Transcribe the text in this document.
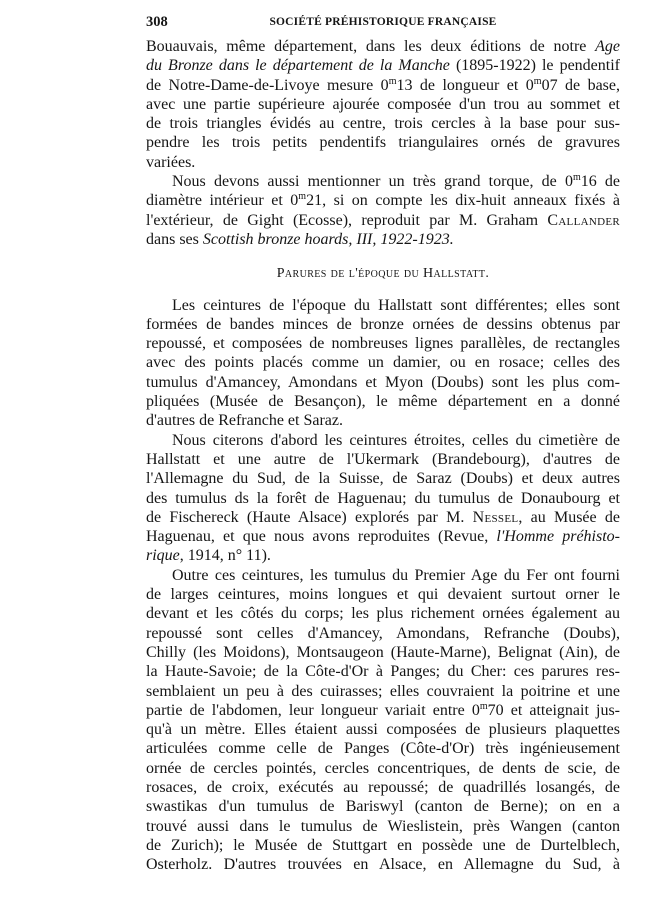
308	SOCIÉTÉ PRÉHISTORIQUE FRANÇAISE
Bouauvais, même département, dans les deux éditions de notre Age
du Bronze dans le département de la Manche (1895-1922) le pendentif
de Notre-Dame-de-Livoye mesure 0$^m$13 de longueur et 0$^m$07 de base,
avec une partie supérieure ajourée composée d'un trou au sommet et
de trois triangles évidés au centre, trois cercles à la base pour sus-
pendre les trois petits pendentifs triangulaires ornés de gravures
variées.
Nous devons aussi mentionner un très grand torque, de 0$^m$16 de
diamètre intérieur et 0$^m$21, si on compte les dix-huit anneaux fixés à
l'extérieur, de Gight (Ecosse), reproduit par M. Graham Callander
dans ses Scottish bronze hoards, III, 1922-1923.
Parures de l'époque du Hallstatt.
Les ceintures de l'époque du Hallstatt sont différentes; elles sont
formées de bandes minces de bronze ornées de dessins obtenus par
repoussé, et composées de nombreuses lignes parallèles, de rectangles
avec des points placés comme un damier, ou en rosace; celles des
tumulus d'Amancey, Amondans et Myon (Doubs) sont les plus com-
pliquées (Musée de Besançon), le même département en a donné
d'autres de Refranche et Saraz.
Nous citerons d'abord les ceintures étroites, celles du cimetière de
Hallstatt et une autre de l'Ukermark (Brandebourg), d'autres de
l'Allemagne du Sud, de la Suisse, de Saraz (Doubs) et deux autres
des tumulus ds la forêt de Haguenau; du tumulus de Donaubourg et
de Fischereck (Haute Alsace) explorés par M. Nessel, au Musée de
Haguenau, et que nous avons reproduites (Revue, l'Homme préhisto-
rique, 1914, n° 11).
Outre ces ceintures, les tumulus du Premier Age du Fer ont fourni
de larges ceintures, moins longues et qui devaient surtout orner le
devant et les côtés du corps; les plus richement ornées également au
repoussé sont celles d'Amancey, Amondans, Refranche (Doubs),
Chilly (les Moidons), Montsaugeon (Haute-Marne), Belignat (Ain), de
la Haute-Savoie; de la Côte-d'Or à Panges; du Cher: ces parures res-
semblaient un peu à des cuirasses; elles couvraient la poitrine et une
partie de l'abdomen, leur longueur variait entre 0$^m$70 et atteignait jus-
qu'à un mètre. Elles étaient aussi composées de plusieurs plaquettes
articulées comme celle de Panges (Côte-d'Or) très ingénieusement
ornée de cercles pointés, cercles concentriques, de dents de scie, de
rosaces, de croix, exécutés au repoussé; de quadrillés losangés, de
swastikas d'un tumulus de Bariswyl (canton de Berne); on en a
trouvé aussi dans le tumulus de Wieslistein, près Wangen (canton
de Zurich); le Musée de Stuttgart en possède une de Durtelblech,
Osterholz. D'autres trouvées en Alsace, en Allemagne du Sud, à
